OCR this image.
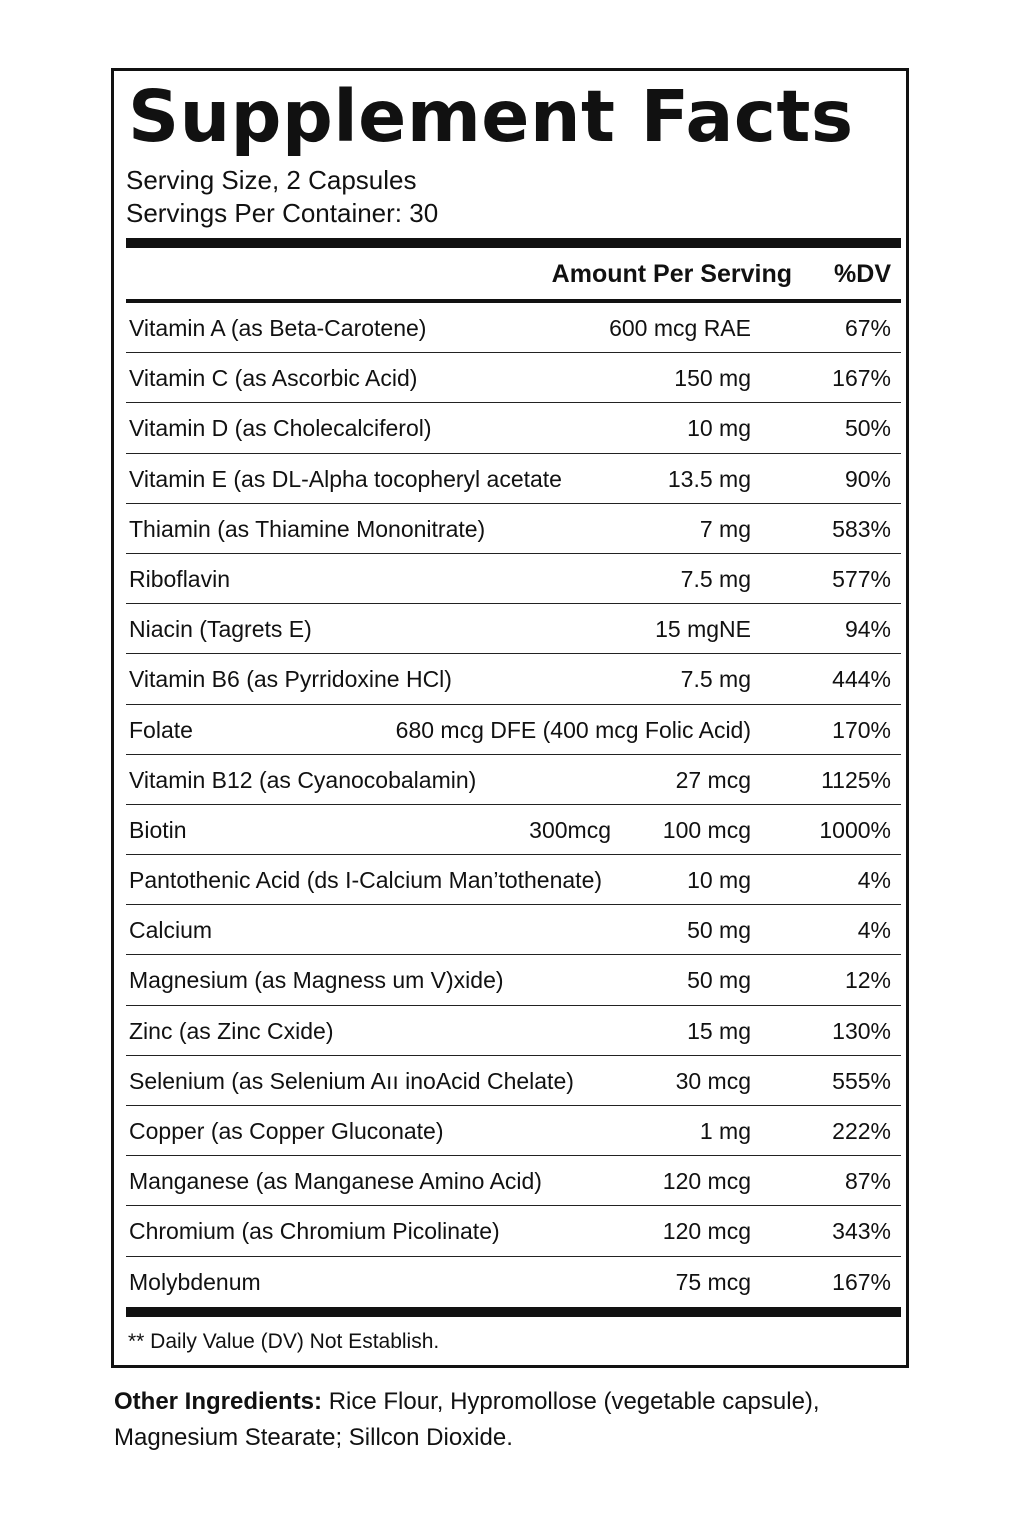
Supplement Facts
Serving Size, 2 Capsules
Servings Per Container: 30
Amount Per Serving %DV
Vitamin A (as Beta-Carotene)	600 mcg RAE	67%
Vitamin C (as Ascorbic Acid)	150 mg	167%
Vitamin D (as Cholecalciferol)	10 mg	50%
Vitamin E (as DL-Alpha tocopheryl acetate	13.5 mg	90%
Thiamin (as Thiamine Mononitrate)	7 mg	583%
Riboflavin	7.5 mg	577%
Niacin (Tagrets E)	15 mgNE	94%
Vitamin B6 (as Pyrridoxine HCl)	7.5 mg	444%
Folate	680 mcg DFE (400 mcg Folic Acid)	170%
Vitamin B12 (as Cyanocobalamin)	27 mcg	1125%
Biotin	300mcg 100 mcg	1000%
Pantothenic Acid (ds I-Calcium Man’tothenate)	10 mg	4%
Calcium	50 mg	4%
Magnesium (as Magness um V)xide)	50 mg	12%
Zinc (as Zinc Cxide)	15 mg	130%
Selenium (as Selenium Aıı inoAcid Chelate)	30 mcg	555%
Copper (as Copper Gluconate)	1 mg	222%
Manganese (as Manganese Amino Acid)	120 mcg	87%
Chromium (as Chromium Picolinate)	120 mcg	343%
Molybdenum	75 mcg	167%
** Daily Value (DV) Not Establish.
Other Ingredients: Rice Flour, Hypromollose (vegetable capsule), Magnesium Stearate; Sillcon Dioxide.
